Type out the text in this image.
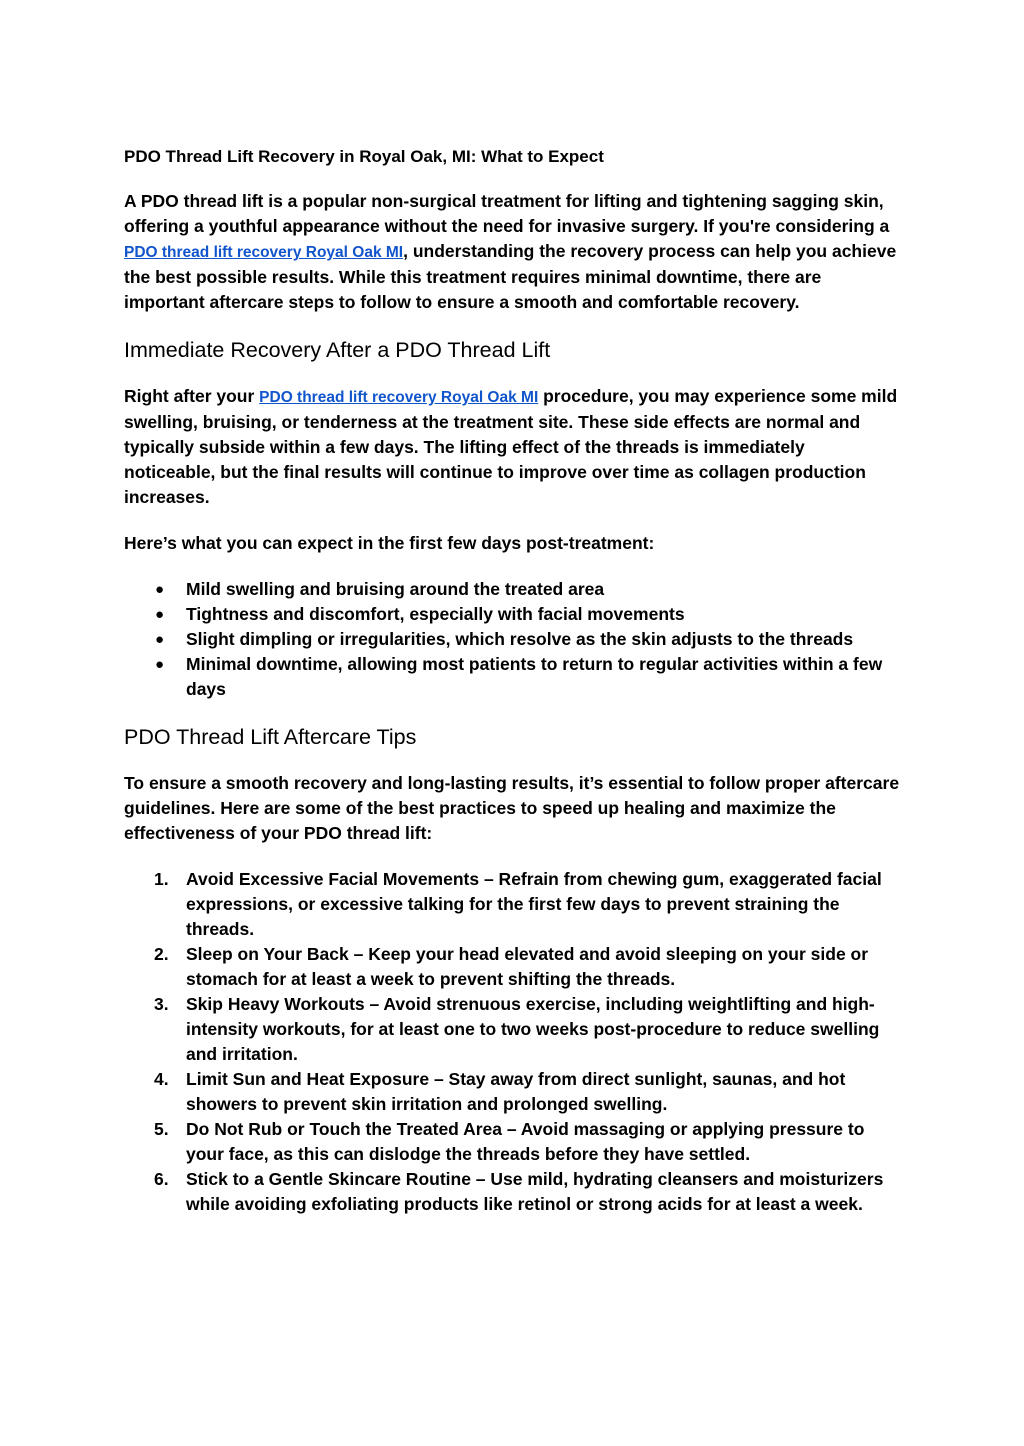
PDO Thread Lift Recovery in Royal Oak, MI: What to Expect

A PDO thread lift is a popular non-surgical treatment for lifting and tightening sagging skin, offering a youthful appearance without the need for invasive surgery. If you're considering a PDO thread lift recovery Royal Oak MI, understanding the recovery process can help you achieve the best possible results. While this treatment requires minimal downtime, there are important aftercare steps to follow to ensure a smooth and comfortable recovery.

Immediate Recovery After a PDO Thread Lift

Right after your PDO thread lift recovery Royal Oak MI procedure, you may experience some mild swelling, bruising, or tenderness at the treatment site. These side effects are normal and typically subside within a few days. The lifting effect of the threads is immediately noticeable, but the final results will continue to improve over time as collagen production increases.

Here’s what you can expect in the first few days post-treatment:

● Mild swelling and bruising around the treated area
● Tightness and discomfort, especially with facial movements
● Slight dimpling or irregularities, which resolve as the skin adjusts to the threads
● Minimal downtime, allowing most patients to return to regular activities within a few days
PDO Thread Lift Aftercare Tips

To ensure a smooth recovery and long-lasting results, it’s essential to follow proper aftercare guidelines. Here are some of the best practices to speed up healing and maximize the effectiveness of your PDO thread lift:

1. Avoid Excessive Facial Movements – Refrain from chewing gum, exaggerated facial expressions, or excessive talking for the first few days to prevent straining the threads.
2. Sleep on Your Back – Keep your head elevated and avoid sleeping on your side or stomach for at least a week to prevent shifting the threads.
3. Skip Heavy Workouts – Avoid strenuous exercise, including weightlifting and high-intensity workouts, for at least one to two weeks post-procedure to reduce swelling and irritation.
4. Limit Sun and Heat Exposure – Stay away from direct sunlight, saunas, and hot showers to prevent skin irritation and prolonged swelling.
5. Do Not Rub or Touch the Treated Area – Avoid massaging or applying pressure to your face, as this can dislodge the threads before they have settled.
6. Stick to a Gentle Skincare Routine – Use mild, hydrating cleansers and moisturizers while avoiding exfoliating products like retinol or strong acids for at least a week.
